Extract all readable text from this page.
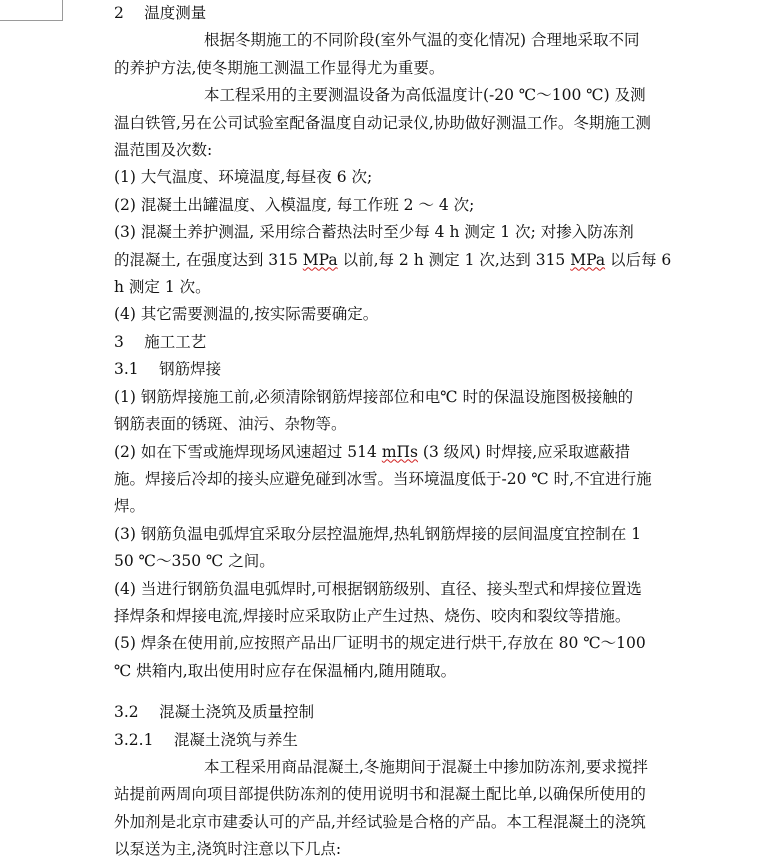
2　 温度测量

根据冬期施工的不同阶段(室外气温的变化情况) 合理地采取不同

的养护方法,使冬期施工测温工作显得尤为重要。

本工程采用的主要测温设备为高低温度计(-20 ℃～100 ℃) 及测

温白铁管,另在公司试验室配备温度自动记录仪,协助做好测温工作。冬期施工测

温范围及次数:

(1) 大气温度、环境温度,每昼夜 6 次;

(2) 混凝土出罐温度、入模温度, 每工作班 2 ～ 4 次;

(3) 混凝土养护测温, 采用综合蓄热法时至少每 4 h 测定 1 次; 对掺入防冻剂

的混凝土, 在强度达到 315 MPa 以前,每 2 h 测定 1 次,达到 315 MPa 以后每 6

h 测定 1 次。

(4) 其它需要测温的,按实际需要确定。

3　 施工工艺

3.1　 钢筋焊接

(1) 钢筋焊接施工前,必须清除钢筋焊接部位和电℃ 时的保温设施图极接触的

钢筋表面的锈斑、油污、杂物等。

(2) 如在下雪或施焊现场风速超过 514 mΠs (3 级风) 时焊接,应采取遮蔽措

施。焊接后冷却的接头应避免碰到冰雪。当环境温度低于-20 ℃ 时,不宜进行施

焊。

(3) 钢筋负温电弧焊宜采取分层控温施焊,热轧钢筋焊接的层间温度宜控制在 1

50 ℃～350 ℃ 之间。

(4) 当进行钢筋负温电弧焊时,可根据钢筋级别、直径、接头型式和焊接位置选

择焊条和焊接电流,焊接时应采取防止产生过热、烧伤、咬肉和裂纹等措施。

(5) 焊条在使用前,应按照产品出厂证明书的规定进行烘干,存放在 80 ℃～100

℃ 烘箱内,取出使用时应存在保温桶内,随用随取。

3.2　 混凝土浇筑及质量控制

3.2.1　 混凝土浇筑与养生

本工程采用商品混凝土,冬施期间于混凝土中掺加防冻剂,要求搅拌

站提前两周向项目部提供防冻剂的使用说明书和混凝土配比单,以确保所使用的

外加剂是北京市建委认可的产品,并经试验是合格的产品。本工程混凝土的浇筑

以泵送为主,浇筑时注意以下几点:
